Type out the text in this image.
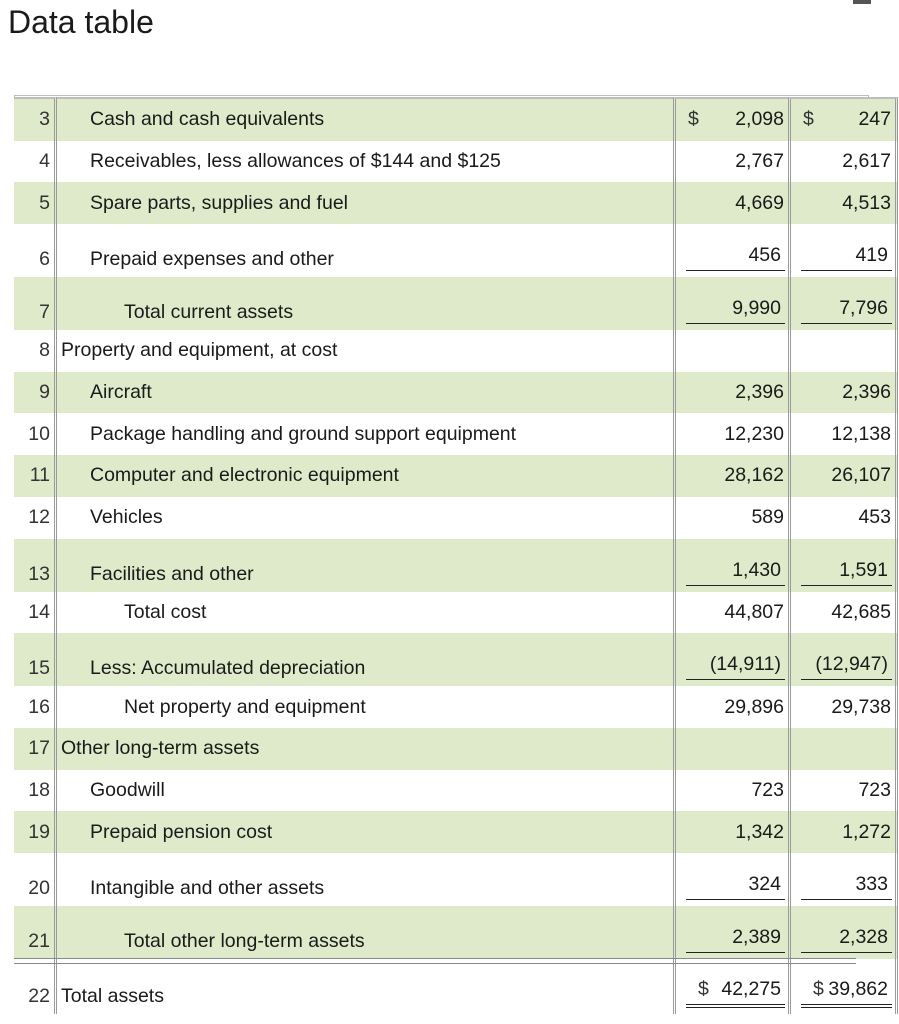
Data table
3	Cash and cash equivalents	$ 2,098	$ 247

4	Receivables, less allowances of $144 and $125	2,767	2,617

5	Spare parts, supplies and fuel	4,669	4,513

6	Prepaid expenses and other	456	419

7	Total current assets	9,990	7,796

8	Property and equipment, at cost	

9	Aircraft	2,396	2,396

10	Package handling and ground support equipment	12,230	12,138

11	Computer and electronic equipment	28,162	26,107

12	Vehicles	589	453

13	Facilities and other	1,430	1,591

14	Total cost	44,807	42,685

15	Less: Accumulated depreciation	(14,911)	(12,947)

16	Net property and equipment	29,896	29,738

17	Other long-term assets	

18	Goodwill	723	723

19	Prepaid pension cost	1,342	1,272

20	Intangible and other assets	324	333

21	Total other long-term assets	2,389	2,328

22	Total assets	$ 42,275	$ 39,862
